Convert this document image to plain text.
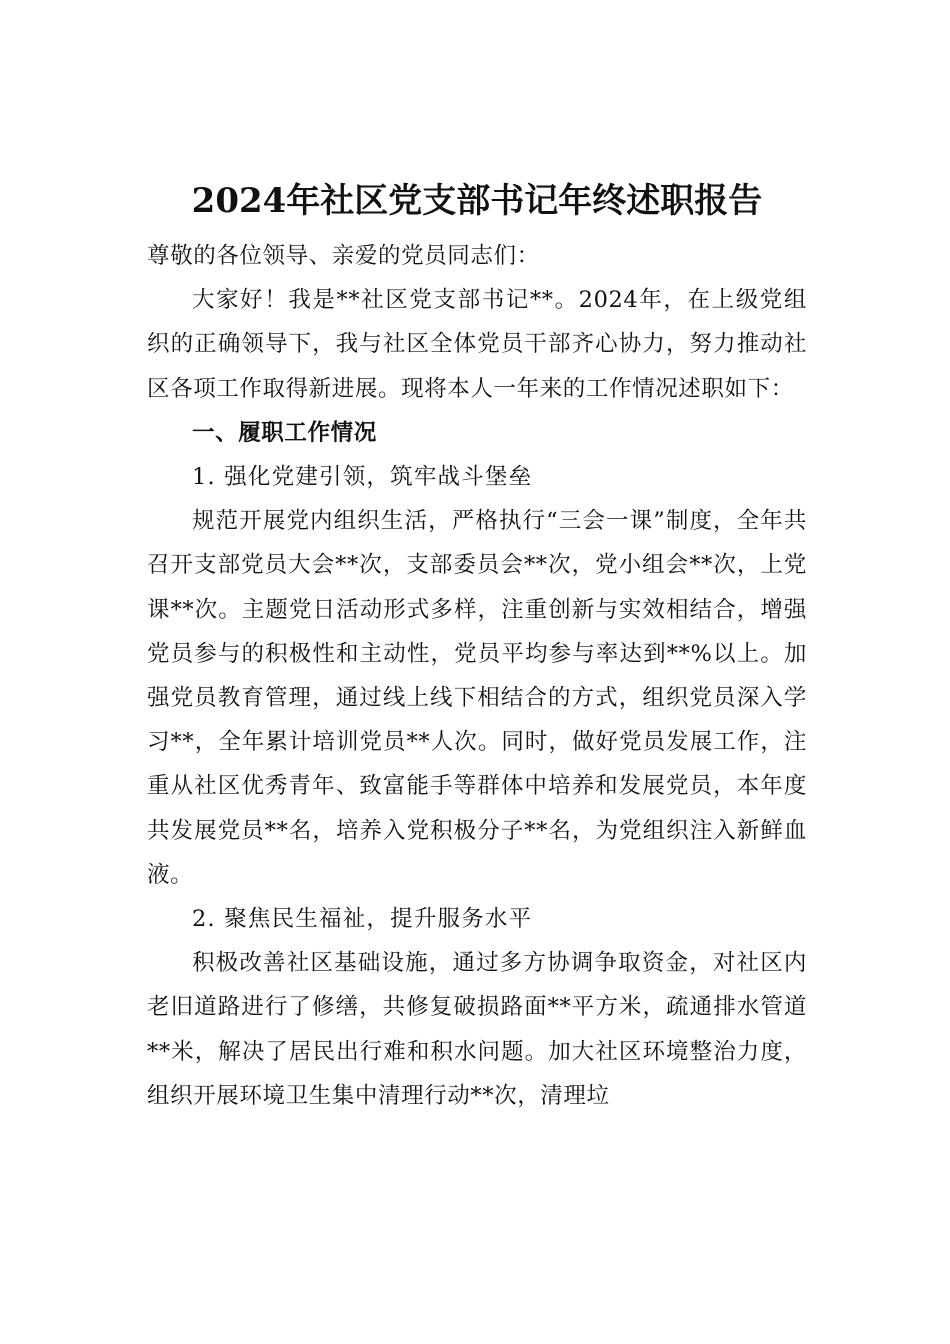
2024年社区党支部书记年终述职报告

尊敬的各位领导、亲爱的党员同志们：

大家好！我是**社区党支部书记**。2024年，在上级党组织的正确领导下，我与社区全体党员干部齐心协力，努力推动社区各项工作取得新进展。现将本人一年来的工作情况述职如下：

一、履职工作情况

1. 强化党建引领，筑牢战斗堡垒

规范开展党内组织生活，严格执行“三会一课”制度，全年共召开支部党员大会**次，支部委员会**次，党小组会**次，上党课**次。主题党日活动形式多样，注重创新与实效相结合，增强党员参与的积极性和主动性，党员平均参与率达到**%以上。加强党员教育管理，通过线上线下相结合的方式，组织党员深入学习**，全年累计培训党员**人次。同时，做好党员发展工作，注重从社区优秀青年、致富能手等群体中培养和发展党员，本年度共发展党员**名，培养入党积极分子**名，为党组织注入新鲜血液。

2. 聚焦民生福祉，提升服务水平

积极改善社区基础设施，通过多方协调争取资金，对社区内老旧道路进行了修缮，共修复破损路面**平方米，疏通排水管道**米，解决了居民出行难和积水问题。加大社区环境整治力度，组织开展环境卫生集中清理行动**次，清理垃
